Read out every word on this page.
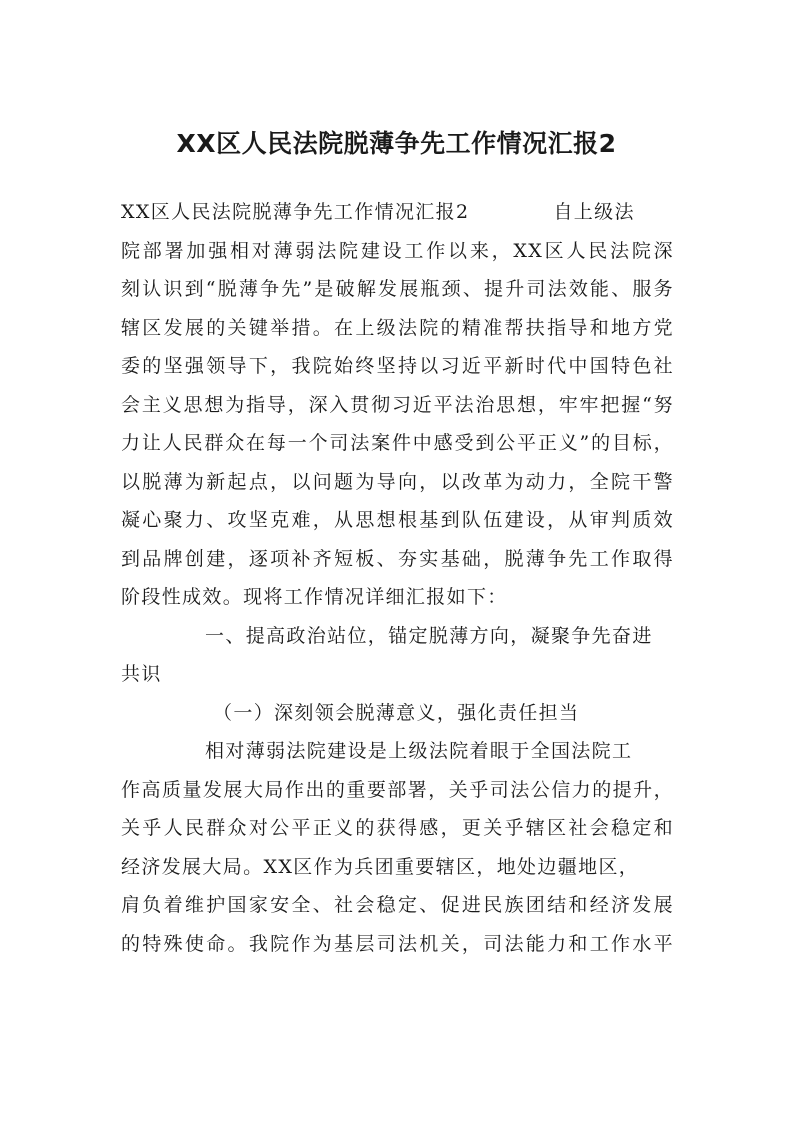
XX区人民法院脱薄争先工作情况汇报2
XX区人民法院脱薄争先工作情况汇报2	自上级法
院部署加强相对薄弱法院建设工作以来，XX区人民法院深
刻认识到“脱薄争先”是破解发展瓶颈、提升司法效能、服务
辖区发展的关键举措。在上级法院的精准帮扶指导和地方党
委的坚强领导下，我院始终坚持以习近平新时代中国特色社
会主义思想为指导，深入贯彻习近平法治思想，牢牢把握“努
力让人民群众在每一个司法案件中感受到公平正义”的目标，
以脱薄为新起点，以问题为导向，以改革为动力，全院干警
凝心聚力、攻坚克难，从思想根基到队伍建设，从审判质效
到品牌创建，逐项补齐短板、夯实基础，脱薄争先工作取得
阶段性成效。现将工作情况详细汇报如下：
一、提高政治站位，锚定脱薄方向，凝聚争先奋进
共识
（一）深刻领会脱薄意义，强化责任担当
相对薄弱法院建设是上级法院着眼于全国法院工
作高质量发展大局作出的重要部署，关乎司法公信力的提升，
关乎人民群众对公平正义的获得感，更关乎辖区社会稳定和
经济发展大局。XX区作为兵团重要辖区，地处边疆地区，
肩负着维护国家安全、社会稳定、促进民族团结和经济发展
的特殊使命。我院作为基层司法机关，司法能力和工作水平
